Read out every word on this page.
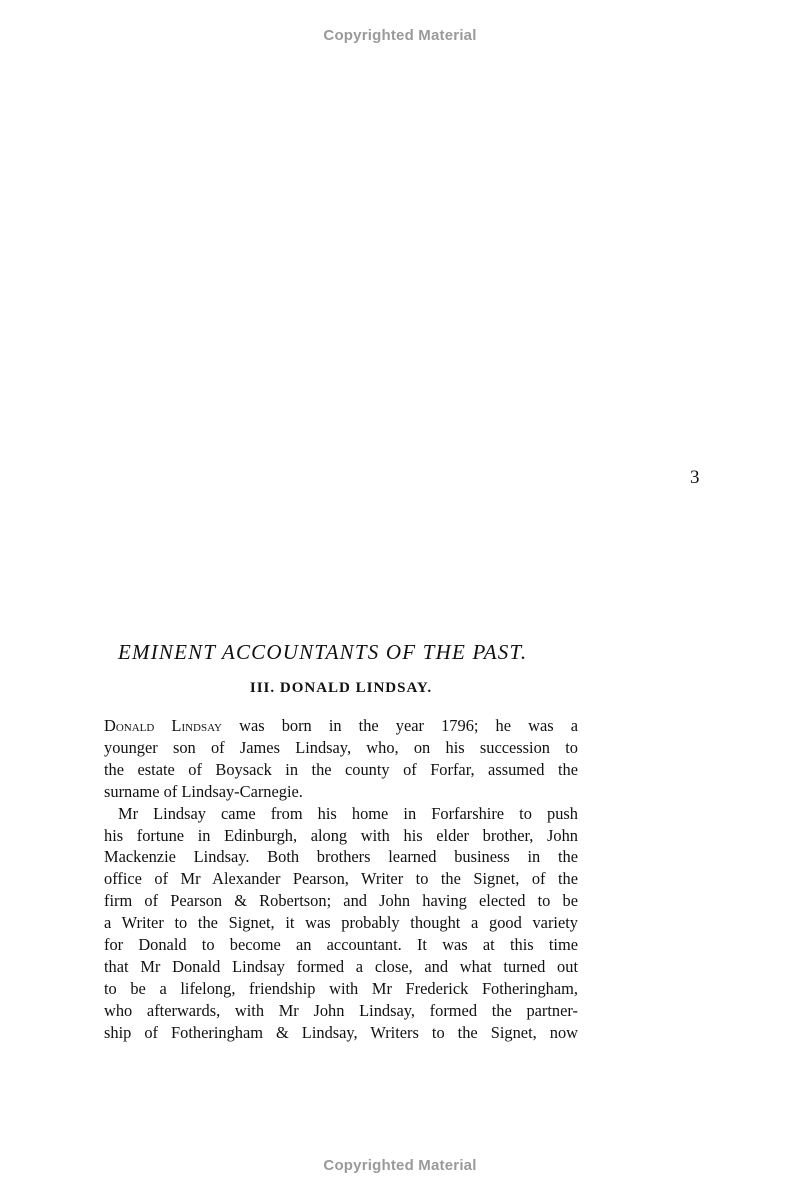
Copyrighted Material
3
EMINENT ACCOUNTANTS OF THE PAST.
III. DONALD LINDSAY.
Donald Lindsay was born in the year 1796; he was a
younger son of James Lindsay, who, on his succession to
the estate of Boysack in the county of Forfar, assumed the
surname of Lindsay-Carnegie.
Mr Lindsay came from his home in Forfarshire to push
his fortune in Edinburgh, along with his elder brother, John
Mackenzie Lindsay. Both brothers learned business in the
office of Mr Alexander Pearson, Writer to the Signet, of the
firm of Pearson & Robertson; and John having elected to be
a Writer to the Signet, it was probably thought a good variety
for Donald to become an accountant. It was at this time
that Mr Donald Lindsay formed a close, and what turned out
to be a lifelong, friendship with Mr Frederick Fotheringham,
who afterwards, with Mr John Lindsay, formed the partner-
ship of Fotheringham & Lindsay, Writers to the Signet, now
Copyrighted Material
